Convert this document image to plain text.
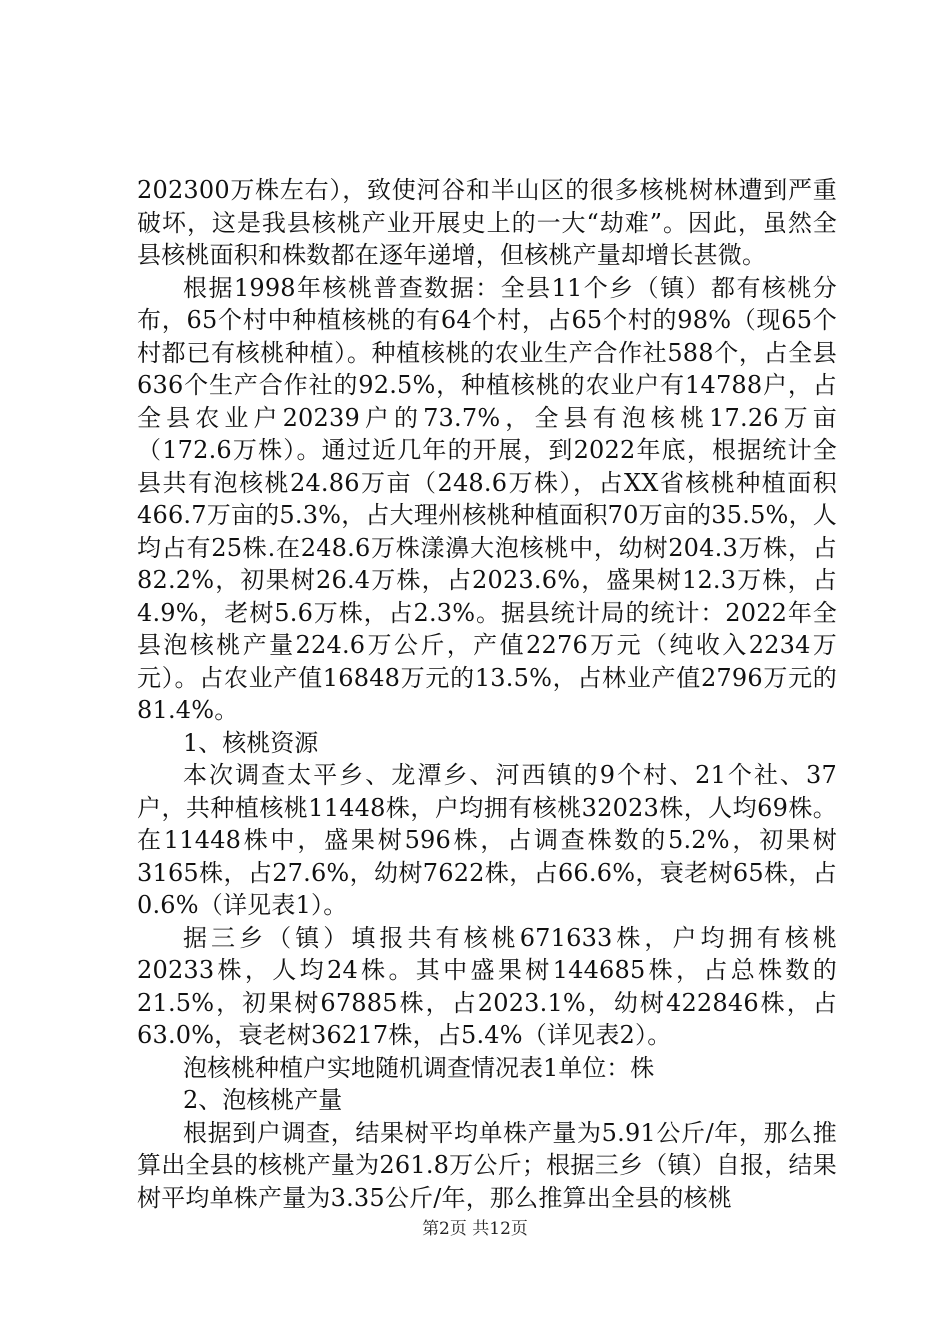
202300万株左右），致使河谷和半山区的很多核桃树林遭到严重破坏，这是我县核桃产业开展史上的一大“劫难”。因此，虽然全县核桃面积和株数都在逐年递增，但核桃产量却增长甚微。

根据1998年核桃普查数据：全县11个乡（镇）都有核桃分布，65个村中种植核桃的有64个村，占65个村的98%（现65个村都已有核桃种植）。种植核桃的农业生产合作社588个，占全县636个生产合作社的92.5%，种植核桃的农业户有14788户，占全县农业户20239户的73.7%，全县有泡核桃17.26万亩（172.6万株）。通过近几年的开展，到2022年底，根据统计全县共有泡核桃24.86万亩（248.6万株），占XX省核桃种植面积466.7万亩的5.3%，占大理州核桃种植面积70万亩的35.5%，人均占有25株.在248.6万株漾濞大泡核桃中，幼树204.3万株，占82.2%，初果树26.4万株，占2023.6%，盛果树12.3万株，占4.9%，老树5.6万株，占2.3%。据县统计局的统计：2022年全县泡核桃产量224.6万公斤，产值2276万元（纯收入2234万元）。占农业产值16848万元的13.5%，占林业产值2796万元的81.4%。

1、核桃资源

本次调查太平乡、龙潭乡、河西镇的9个村、21个社、37户，共种植核桃11448株，户均拥有核桃32023株，人均69株。在11448株中，盛果树596株，占调查株数的5.2%，初果树3165株，占27.6%，幼树7622株，占66.6%，衰老树65株，占0.6%（详见表1）。

据三乡（镇）填报共有核桃671633株，户均拥有核桃20233株，人均24株。其中盛果树144685株，占总株数的21.5%，初果树67885株，占2023.1%，幼树422846株，占63.0%，衰老树36217株，占5.4%（详见表2）。

泡核桃种植户实地随机调查情况表1单位：株

2、泡核桃产量

根据到户调查，结果树平均单株产量为5.91公斤/年，那么推算出全县的核桃产量为261.8万公斤；根据三乡（镇）自报，结果树平均单株产量为3.35公斤/年，那么推算出全县的核桃

第2页 共12页
